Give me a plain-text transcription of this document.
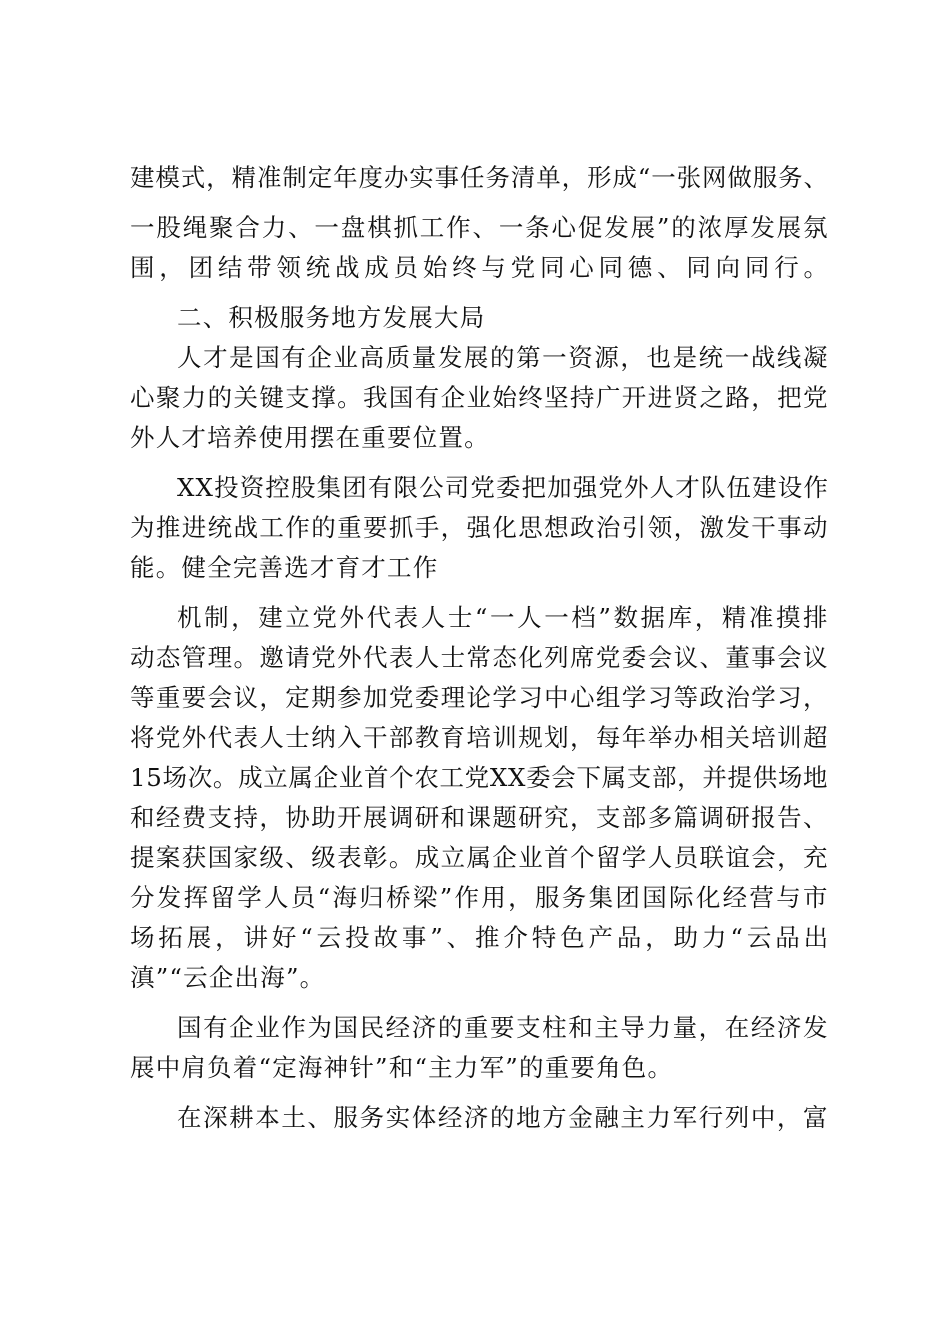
建模式，精准制定年度办实事任务清单，形成“一张网做服务、
一股绳聚合力、一盘棋抓工作、一条心促发展”的浓厚发展氛
围，团结带领统战成员始终与党同心同德、同向同行。
二、积极服务地方发展大局
人才是国有企业高质量发展的第一资源，也是统一战线凝
心聚力的关键支撑。我国有企业始终坚持广开进贤之路，把党
外人才培养使用摆在重要位置。
XX投资控股集团有限公司党委把加强党外人才队伍建设作
为推进统战工作的重要抓手，强化思想政治引领，激发干事动
能。健全完善选才育才工作
机制，建立党外代表人士“一人一档”数据库，精准摸排
动态管理。邀请党外代表人士常态化列席党委会议、董事会议
等重要会议，定期参加党委理论学习中心组学习等政治学习，
将党外代表人士纳入干部教育培训规划，每年举办相关培训超
15场次。成立属企业首个农工党XX委会下属支部，并提供场地
和经费支持，协助开展调研和课题研究，支部多篇调研报告、
提案获国家级、级表彰。成立属企业首个留学人员联谊会，充
分发挥留学人员“海归桥梁”作用，服务集团国际化经营与市
场拓展，讲好“云投故事”、推介特色产品，助力“云品出
滇”“云企出海”。
国有企业作为国民经济的重要支柱和主导力量，在经济发
展中肩负着“定海神针”和“主力军”的重要角色。
在深耕本土、服务实体经济的地方金融主力军行列中，富
